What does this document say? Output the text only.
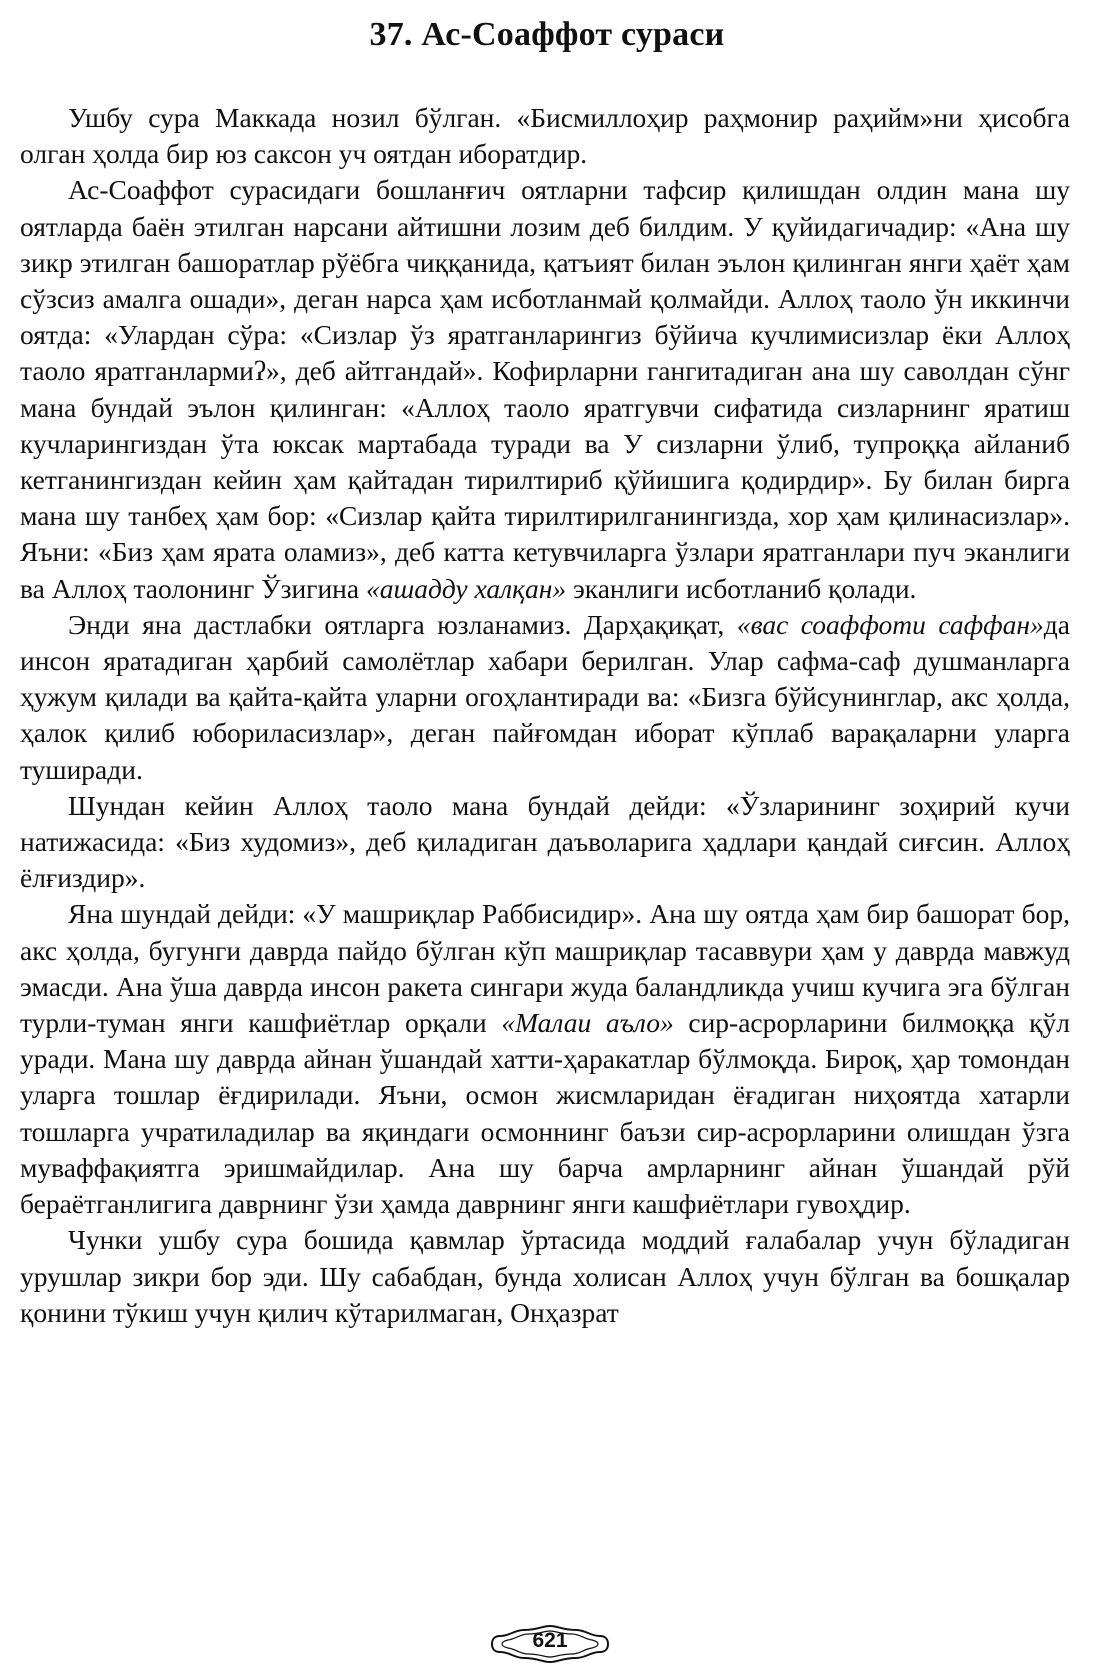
37. Ас-Соаффот сураси

Ушбу сура Маккада нозил бўлган. «Бисмиллоҳир раҳмонир раҳийм»ни ҳисобга олган ҳолда бир юз саксон уч оятдан иборатдир.

Ас-Соаффот сурасидаги бошланғич оятларни тафсир қилишдан олдин мана шу оятларда баён этилган нарсани айтишни лозим деб билдим. У қуйидагичадир: «Ана шу зикр этилган башоратлар рўёбга чиққанида, қатъият билан эълон қилинган янги ҳаёт ҳам сўзсиз амалга ошади», деган нарса ҳам исботланмай қолмайди. Аллоҳ таоло ўн иккинчи оятда: «Улардан сўра: «Сизлар ўз яратганларингиз бўйича кучлимисизлар ёки Аллоҳ таоло яратганлармиʔ», деб айтгандай». Кофирларни гангитадиган ана шу саволдан сўнг мана бундай эълон қилинган: «Аллоҳ таоло яратгувчи сифатида сизларнинг яратиш кучларингиздан ўта юксак мартабада туради ва У сизларни ўлиб, тупроққа айланиб кетганингиздан кейин ҳам қайтадан тирилтириб қўйишига қодирдир». Бу билан бирга мана шу танбеҳ ҳам бор: «Сизлар қайта тирилтирилганингизда, хор ҳам қилинасизлар». Яъни: «Биз ҳам ярата оламиз», деб катта кетувчиларга ўзлари яратганлари пуч эканлиги ва Аллоҳ таолонинг Ўзигина «ашадду халқан» эканлиги исботланиб қолади.

Энди яна дастлабки оятларга юзланамиз. Дарҳақиқат, «вас соаффоти саффан»да инсон яратадиган ҳарбий самолётлар хабари берилган. Улар сафма-саф душманларга ҳужум қилади ва қайта-қайта уларни огоҳлантиради ва: «Бизга бўйсунинглар, акс ҳолда, ҳалок қилиб юбориласизлар», деган пайғомдан иборат кўплаб варақаларни уларга туширади.

Шундан кейин Аллоҳ таоло мана бундай дейди: «Ўзларининг зоҳирий кучи натижасида: «Биз худомиз», деб қиладиган даъволарига ҳадлари қандай сиғсин. Аллоҳ ёлғиздир».

Яна шундай дейди: «У машриқлар Раббисидир». Ана шу оятда ҳам бир башорат бор, акс ҳолда, бугунги даврда пайдо бўлган кўп машриқлар тасаввури ҳам у даврда мавжуд эмасди. Ана ўша даврда инсон ракета сингари жуда баландликда учиш кучига эга бўлган турли-туман янги кашфиётлар орқали «Малаи аъло» сир-асрорларини билмоққа қўл уради. Мана шу даврда айнан ўшандай хатти-ҳаракатлар бўлмоқда. Бироқ, ҳар томондан уларга тошлар ёғдирилади. Яъни, осмон жисмларидан ёғадиган ниҳоятда хатарли тошларга учратиладилар ва яқиндаги осмоннинг баъзи сир-асрорларини олишдан ўзга муваффақиятга эришмайдилар. Ана шу барча амрларнинг айнан ўшандай рўй бераётганлигига даврнинг ўзи ҳамда даврнинг янги кашфиётлари гувоҳдир.

Чунки ушбу сура бошида қавмлар ўртасида моддий ғалабалар учун бўладиган урушлар зикри бор эди. Шу сабабдан, бунда холисан Аллоҳ учун бўлган ва бошқалар қонини тўкиш учун қилич кўтарилмаган, Онҳазрат

621
